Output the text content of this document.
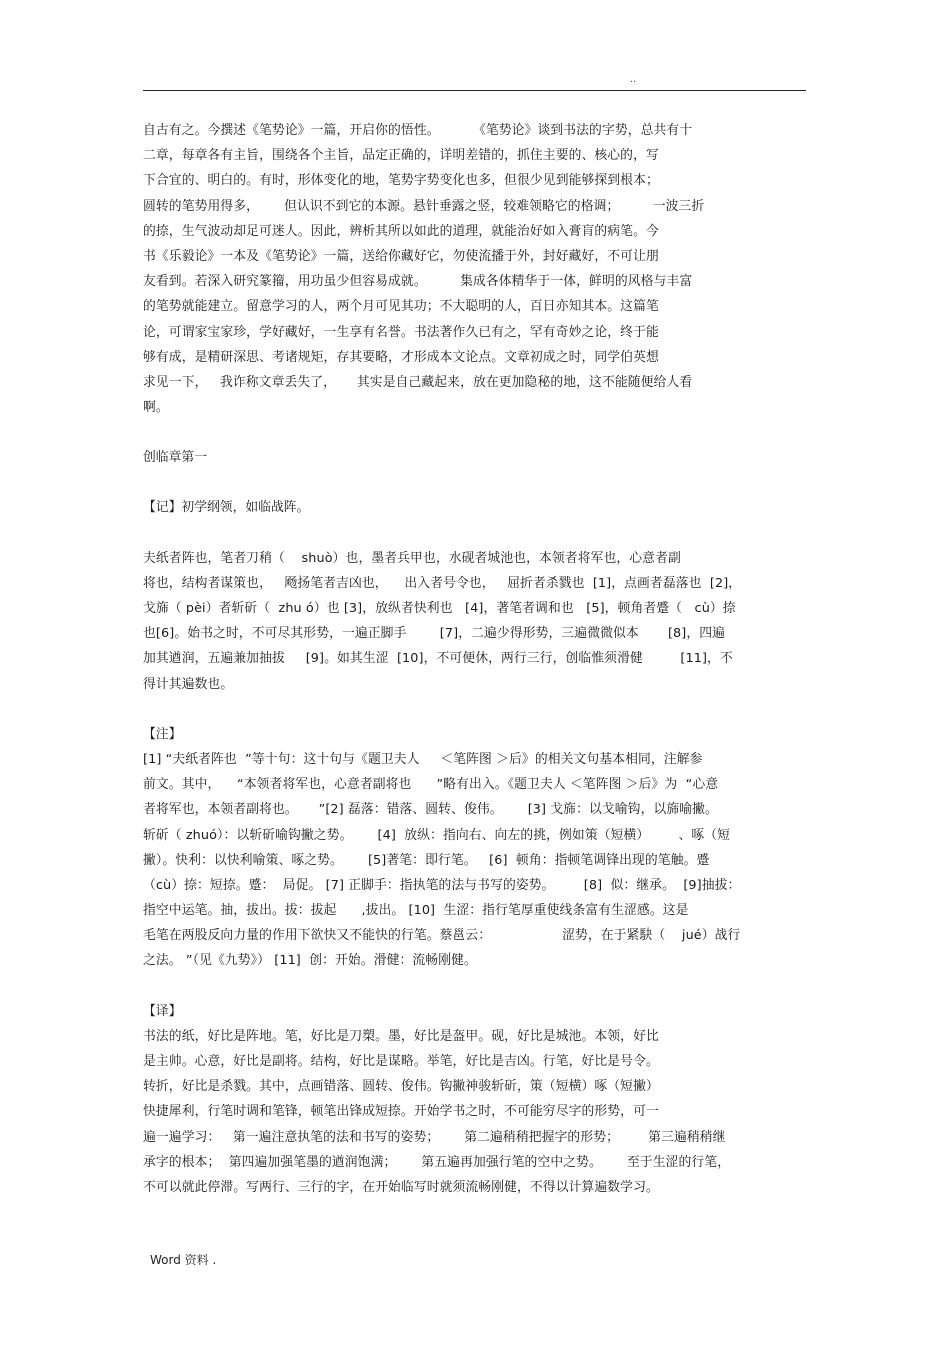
..
自古有之。今撰述《笔势论》一篇，开启你的悟性。        《笔势论》谈到书法的字势，总共有十
二章，每章各有主旨，围绕各个主旨，品定正确的，详明差错的，抓住主要的、核心的，写
下合宜的、明白的。有时，形体变化的地，笔势字势变化也多，但很少见到能够探到根本；
圆转的笔势用得多，      但认识不到它的本源。悬针垂露之竖，较难领略它的格调；        一波三折
的捺，生气波动却足可迷人。因此，辨析其所以如此的道理，就能治好如入膏肓的病笔。今
书《乐毅论》一本及《笔势论》一篇，送给你藏好它，勿使流播于外，封好藏好，不可让朋
友看到。若深入研究篆籀，用功虽少但容易成就。        集成各体精华于一体，鲜明的风格与丰富
的笔势就能建立。留意学习的人，两个月可见其功；不大聪明的人，百日亦知其本。这篇笔
论，可谓家宝家珍，学好藏好，一生享有名誉。书法著作久已有之，罕有奇妙之论，终于能
够有成，是精研深思、考诸规矩，存其要略，才形成本文论点。文章初成之时，同学伯英想
求见一下，   我诈称文章丢失了，     其实是自己藏起来，放在更加隐秘的地，这不能随便给人看
啊。
创临章第一
【记】初学纲领，如临战阵。
夫纸者阵也，笔者刀稍（    shuò）也，墨者兵甲也，水砚者城池也，本领者将军也，心意者副
将也，结构者谋策也，   飏扬笔者吉凶也，    出入者号令也，   屈折者杀戮也  [1]，点画者磊落也  [2]，
戈旆（ pèi）者斩斫（  zhu ó）也 [3]，放纵者快利也   [4]，著笔者调和也   [5]，顿角者蹙（   cù）捺
也[6]。始书之时，不可尽其形势，一遍正脚手        [7]，二遍少得形势，三遍微微似本       [8]，四遍
加其遒润，五遍兼加抽拔     [9]。如其生涩  [10]，不可便休，两行三行，创临惟须滑健         [11]，不
得计其遍数也。
【注】
[1] “夫纸者阵也  ”等十句：这十句与《题卫夫人     ＜笔阵图 ＞后》的相关文句基本相同，注解参
前文。其中，    “本领者将军也，心意者副将也      ”略有出入。《题卫夫人 ＜笔阵图 ＞后》为  “心意
者将军也，本领者副将也。     ”[2] 磊落：错落、圆转、俊伟。      [3] 戈旆：以戈喻钩，以旆喻撇。
斩斫（ zhuó）：以斩斫喻钩撇之势。      [4]  放纵：指向右、向左的挑，例如策（短横）       、啄（短
撇）。快利：以快利喻策、啄之势。      [5]著笔：即行笔。   [6]  顿角：指顿笔调锋出现的笔触。蹙
（cù）捺：短捺。蹙：  局促。 [7] 正脚手：指执笔的法与书写的姿势。       [8]  似：继承。  [9]抽拔：
指空中运笔。抽，拔出。拔：拔起      ,拔出。 [10]  生涩：指行笔厚重使线条富有生涩感。这是
毛笔在两股反向力量的作用下欲快又不能快的行笔。蔡邕云：                 涩势，在于紧駃（    jué）战行
之法。 ”（见《九势》） [11]  创：开始。滑健：流畅刚健。
【译】
书法的纸，好比是阵地。笔，好比是刀槊。墨，好比是盔甲。砚，好比是城池。本领，好比
是主帅。心意，好比是副将。结构，好比是谋略。举笔，好比是吉凶。行笔，好比是号令。
转折，好比是杀戮。其中，点画错落、圆转、俊伟。钩撇神骏斩斫，策（短横）啄（短撇）
快捷犀利，行笔时调和笔锋，顿笔出锋成短捺。开始学书之时，不可能穷尽字的形势，可一
遍一遍学习：   第一遍注意执笔的法和书写的姿势；      第二遍稍稍把握字的形势；       第三遍稍稍继
承字的根本；  第四遍加强笔墨的遒润饱满；      第五遍再加强行笔的空中之势。      至于生涩的行笔，
不可以就此停滞。写两行、三行的字，在开始临写时就须流畅刚健，不得以计算遍数学习。
Word 资料 .
